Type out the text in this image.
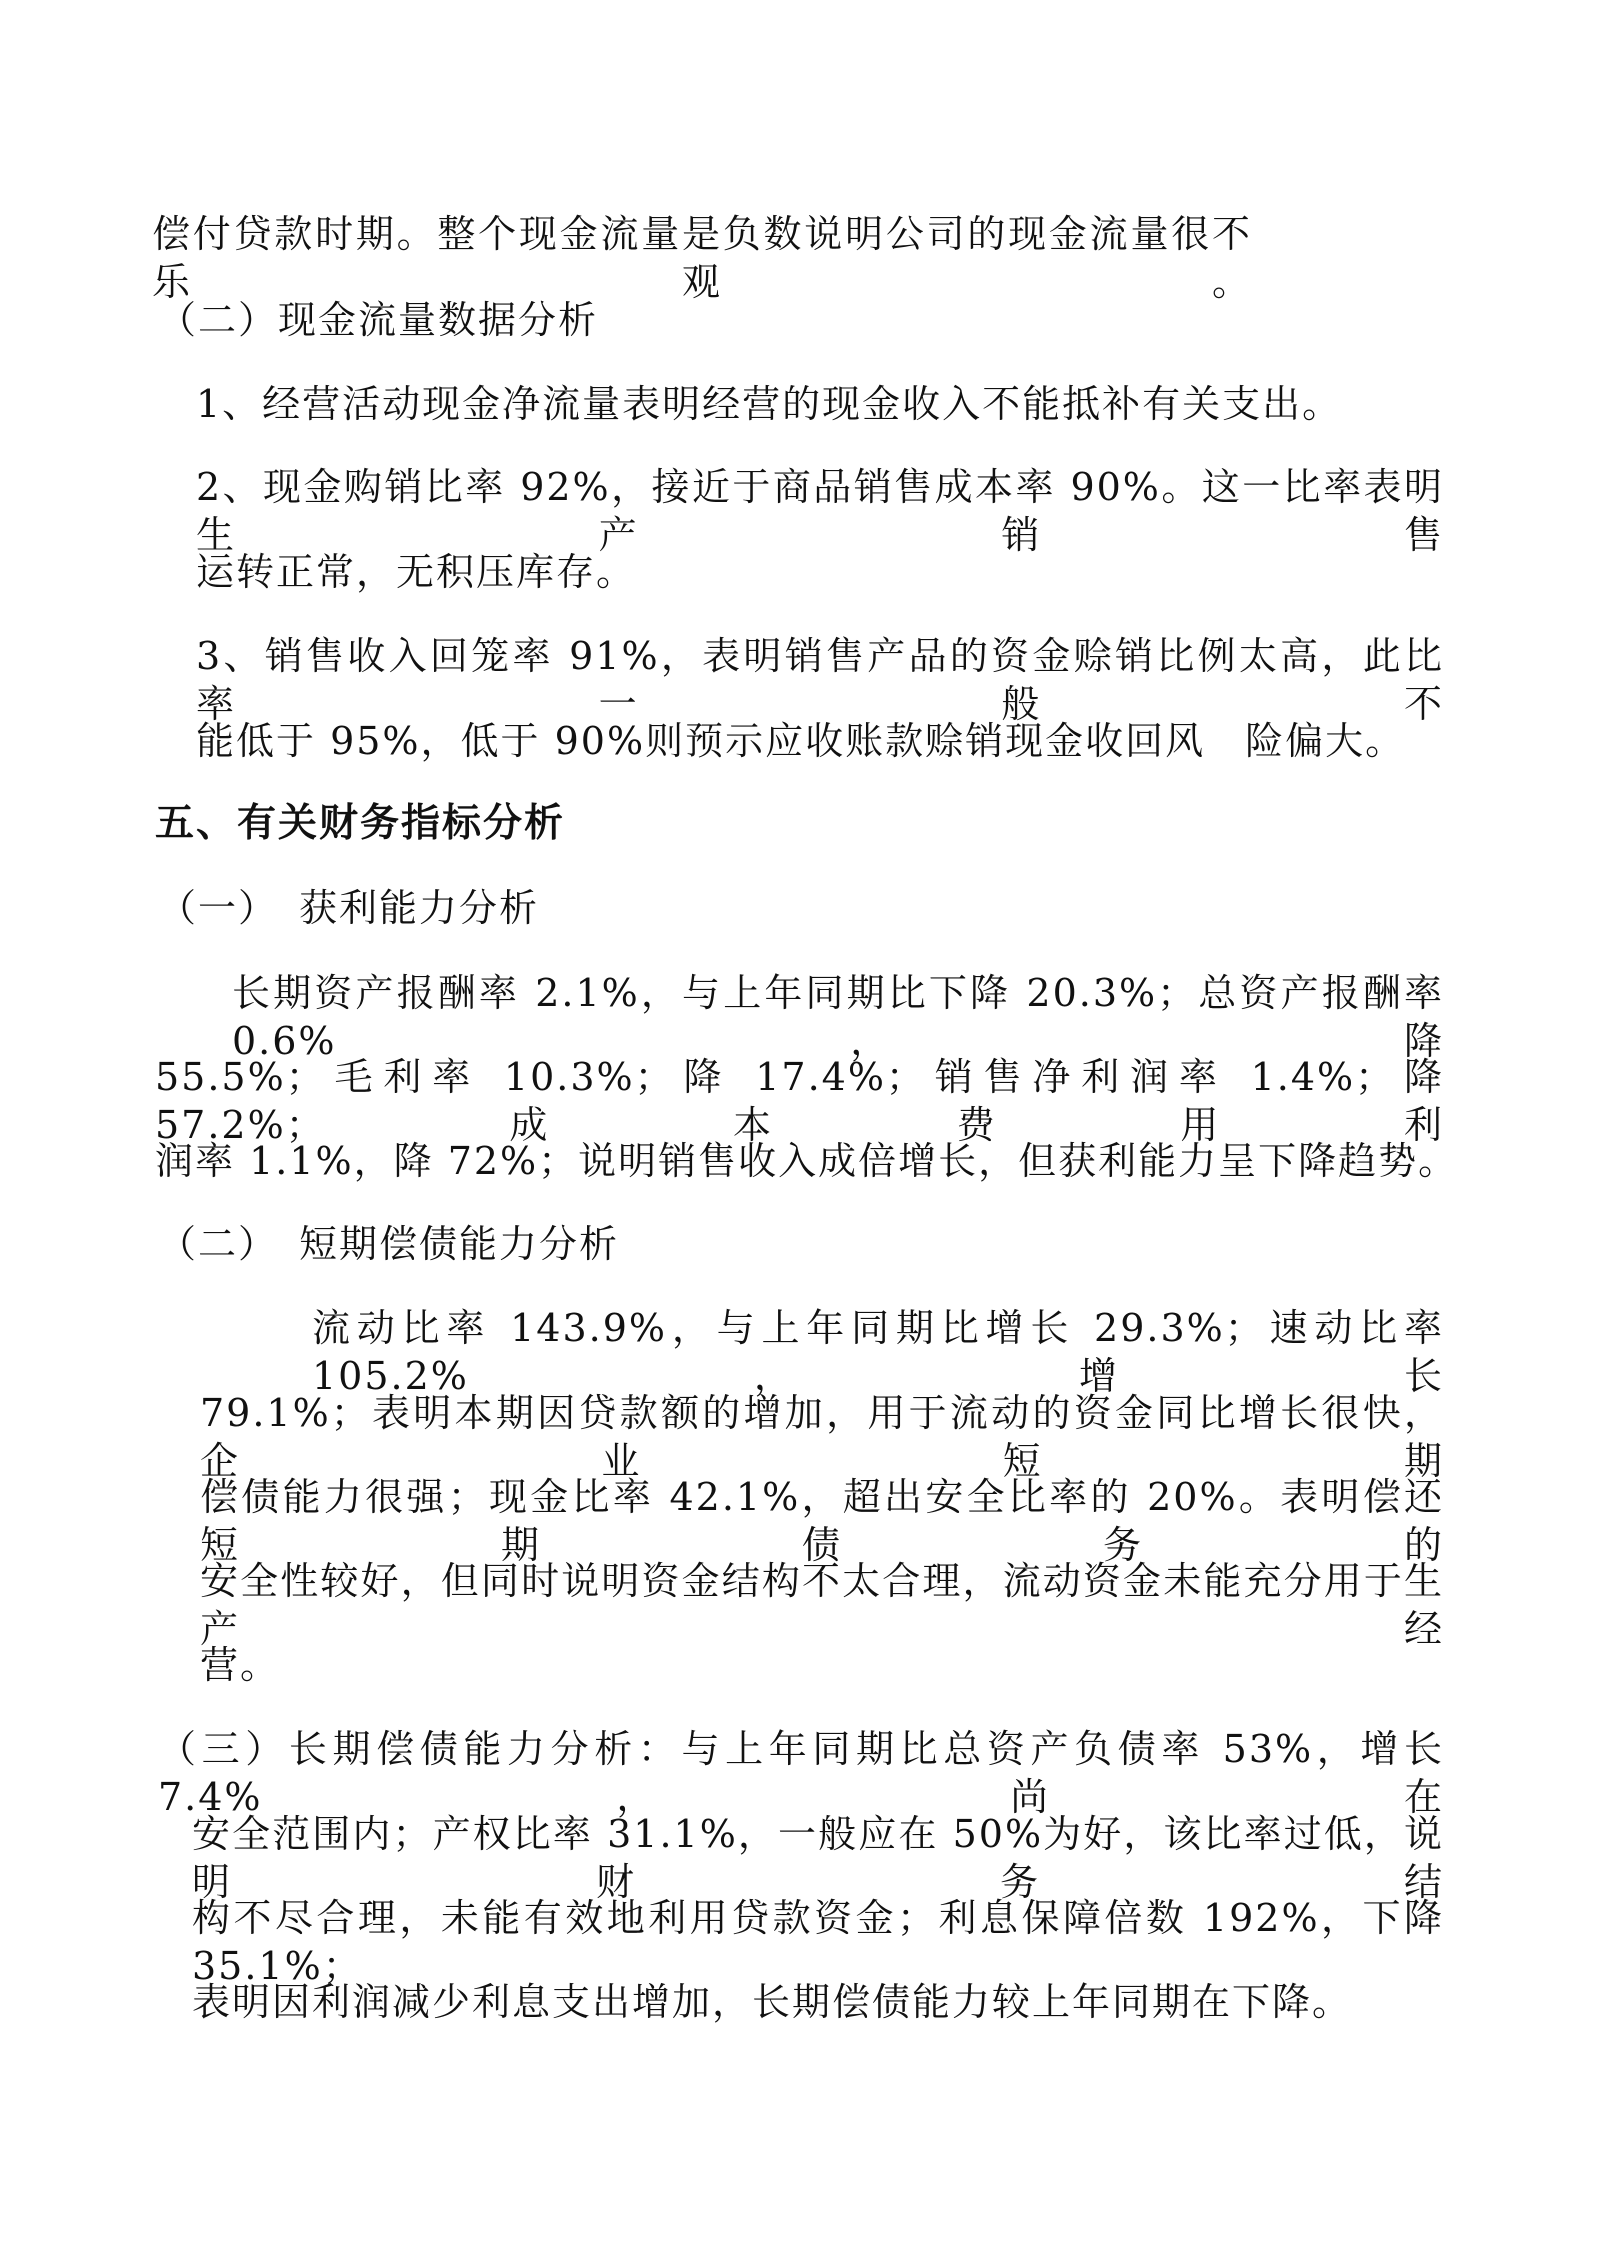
偿付贷款时期。整个现金流量是负数说明公司的现金流量很不乐观。
（二）现金流量数据分析
1、经营活动现金净流量表明经营的现金收入不能抵补有关支出。
2、现金购销比率 92%，接近于商品销售成本率 90%。这一比率表明生产销售
运转正常，无积压库存。
3、销售收入回笼率 91%，表明销售产品的资金赊销比例太高，此比率一般不
能低于 95%，低于 90%则预示应收账款赊销现金收回风　险偏大。
五、有关财务指标分析
（一）　获利能力分析
长期资产报酬率 2.1%，与上年同期比下降 20.3%；总资产报酬率 0.6%，降
55.5%；毛利率 10.3%；降 17.4%；销售净利润率 1.4%；降 57.2%；成本费用利
润率 1.1%，降 72%；说明销售收入成倍增长，但获利能力呈下降趋势。
（二）　短期偿债能力分析
流动比率 143.9%，与上年同期比增长 29.3%；速动比率 105.2%，增长
79.1%；表明本期因贷款额的增加，用于流动的资金同比增长很快，企业短期
偿债能力很强；现金比率 42.1%，超出安全比率的 20%。表明偿还短期债务的
安全性较好，但同时说明资金结构不太合理，流动资金未能充分用于生产经
营。
（三）长期偿债能力分析：与上年同期比总资产负债率 53%，增长 7.4%，尚在
安全范围内；产权比率 31.1%，一般应在 50%为好，该比率过低，说明财务结
构不尽合理，未能有效地利用贷款资金；利息保障倍数 192%，下降 35.1%；
表明因利润减少利息支出增加，长期偿债能力较上年同期在下降。
